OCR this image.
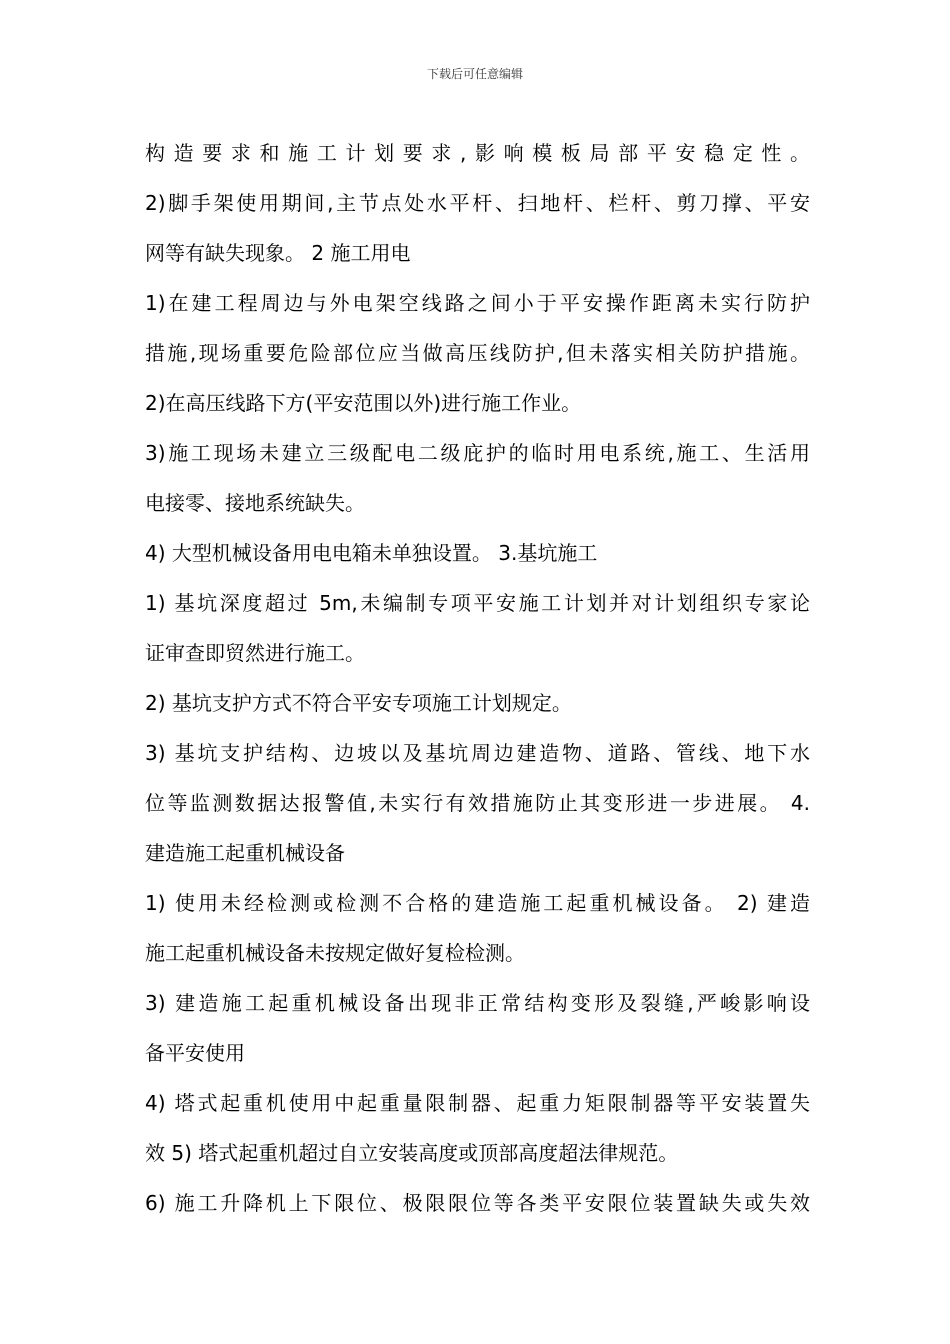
下载后可任意编辑
构造要求和施工计划要求,影响模板局部平安稳定性。
2)脚手架使用期间,主节点处水平杆、扫地杆、栏杆、剪刀撑、平安
网等有缺失现象。 2 施工用电
1)在建工程周边与外电架空线路之间小于平安操作距离未实行防护
措施,现场重要危险部位应当做高压线防护,但未落实相关防护措施。
2)在高压线路下方(平安范围以外)进行施工作业。
3)施工现场未建立三级配电二级庇护的临时用电系统,施工、生活用
电接零、接地系统缺失。
4) 大型机械设备用电电箱未单独设置。 3.基坑施工
1) 基坑深度超过 5m,未编制专项平安施工计划并对计划组织专家论
证审查即贸然进行施工。
2) 基坑支护方式不符合平安专项施工计划规定。
3) 基坑支护结构、边坡以及基坑周边建造物、道路、管线、地下水
位等监测数据达报警值,未实行有效措施防止其变形进一步进展。 4.
建造施工起重机械设备
1) 使用未经检测或检测不合格的建造施工起重机械设备。 2) 建造
施工起重机械设备未按规定做好复检检测。
3) 建造施工起重机械设备出现非正常结构变形及裂缝,严峻影响设
备平安使用
4) 塔式起重机使用中起重量限制器、起重力矩限制器等平安装置失
效 5) 塔式起重机超过自立安装高度或顶部高度超法律规范。
6) 施工升降机上下限位、极限限位等各类平安限位装置缺失或失效
